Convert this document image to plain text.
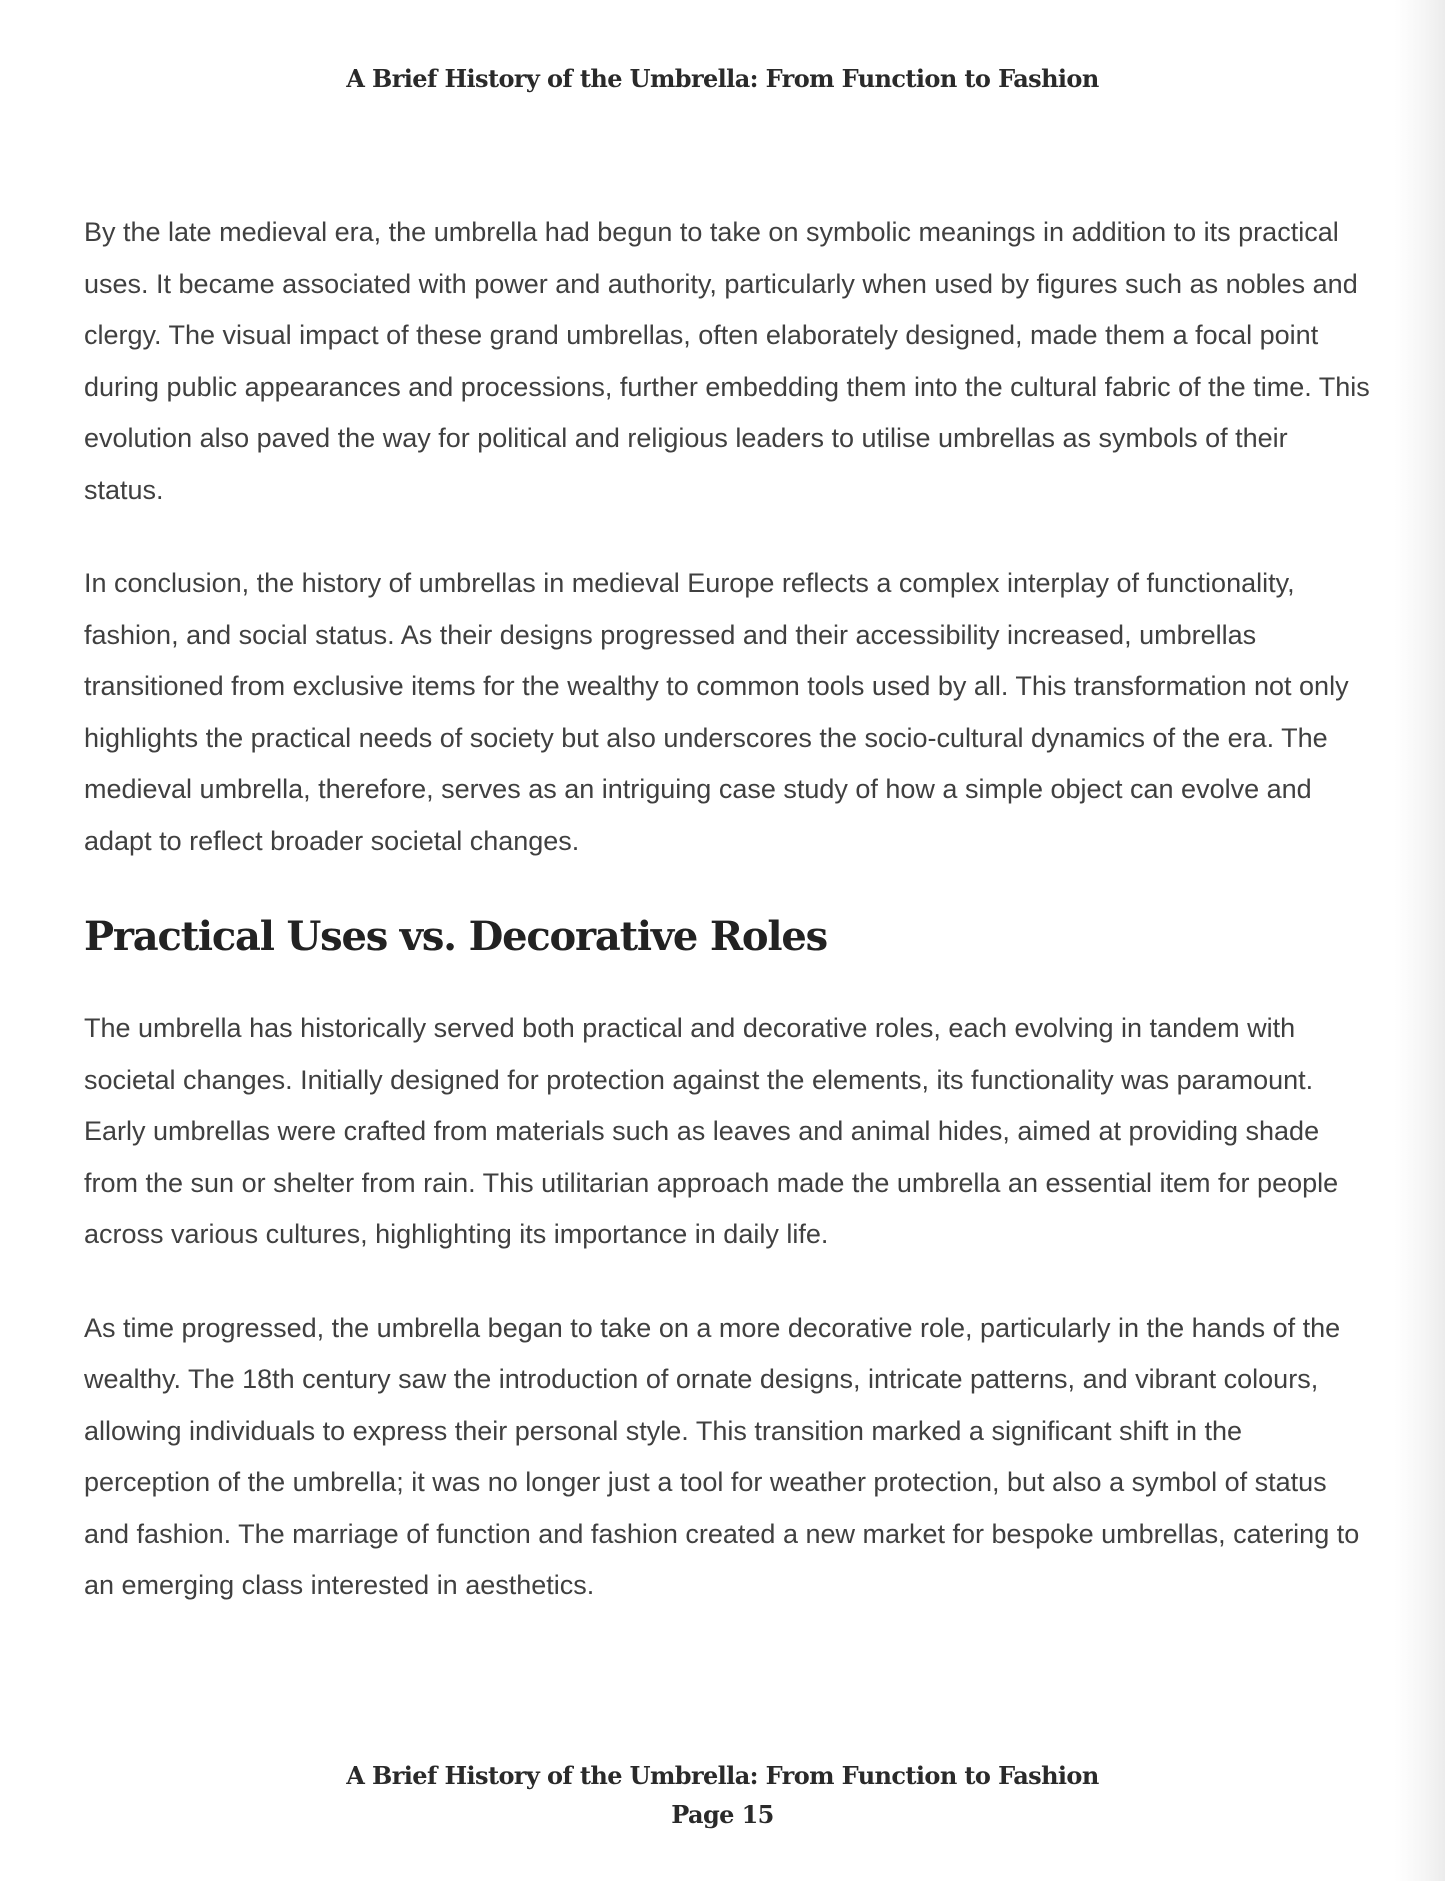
A Brief History of the Umbrella: From Function to Fashion

By the late medieval era, the umbrella had begun to take on symbolic meanings in addition to its practical uses. It became associated with power and authority, particularly when used by figures such as nobles and clergy. The visual impact of these grand umbrellas, often elaborately designed, made them a focal point during public appearances and processions, further embedding them into the cultural fabric of the time. This evolution also paved the way for political and religious leaders to utilise umbrellas as symbols of their status.

In conclusion, the history of umbrellas in medieval Europe reflects a complex interplay of functionality, fashion, and social status. As their designs progressed and their accessibility increased, umbrellas transitioned from exclusive items for the wealthy to common tools used by all. This transformation not only highlights the practical needs of society but also underscores the socio-cultural dynamics of the era. The medieval umbrella, therefore, serves as an intriguing case study of how a simple object can evolve and adapt to reflect broader societal changes.

Practical Uses vs. Decorative Roles

The umbrella has historically served both practical and decorative roles, each evolving in tandem with societal changes. Initially designed for protection against the elements, its functionality was paramount. Early umbrellas were crafted from materials such as leaves and animal hides, aimed at providing shade from the sun or shelter from rain. This utilitarian approach made the umbrella an essential item for people across various cultures, highlighting its importance in daily life.

As time progressed, the umbrella began to take on a more decorative role, particularly in the hands of the wealthy. The 18th century saw the introduction of ornate designs, intricate patterns, and vibrant colours, allowing individuals to express their personal style. This transition marked a significant shift in the perception of the umbrella; it was no longer just a tool for weather protection, but also a symbol of status and fashion. The marriage of function and fashion created a new market for bespoke umbrellas, catering to an emerging class interested in aesthetics.

A Brief History of the Umbrella: From Function to Fashion
Page 15
